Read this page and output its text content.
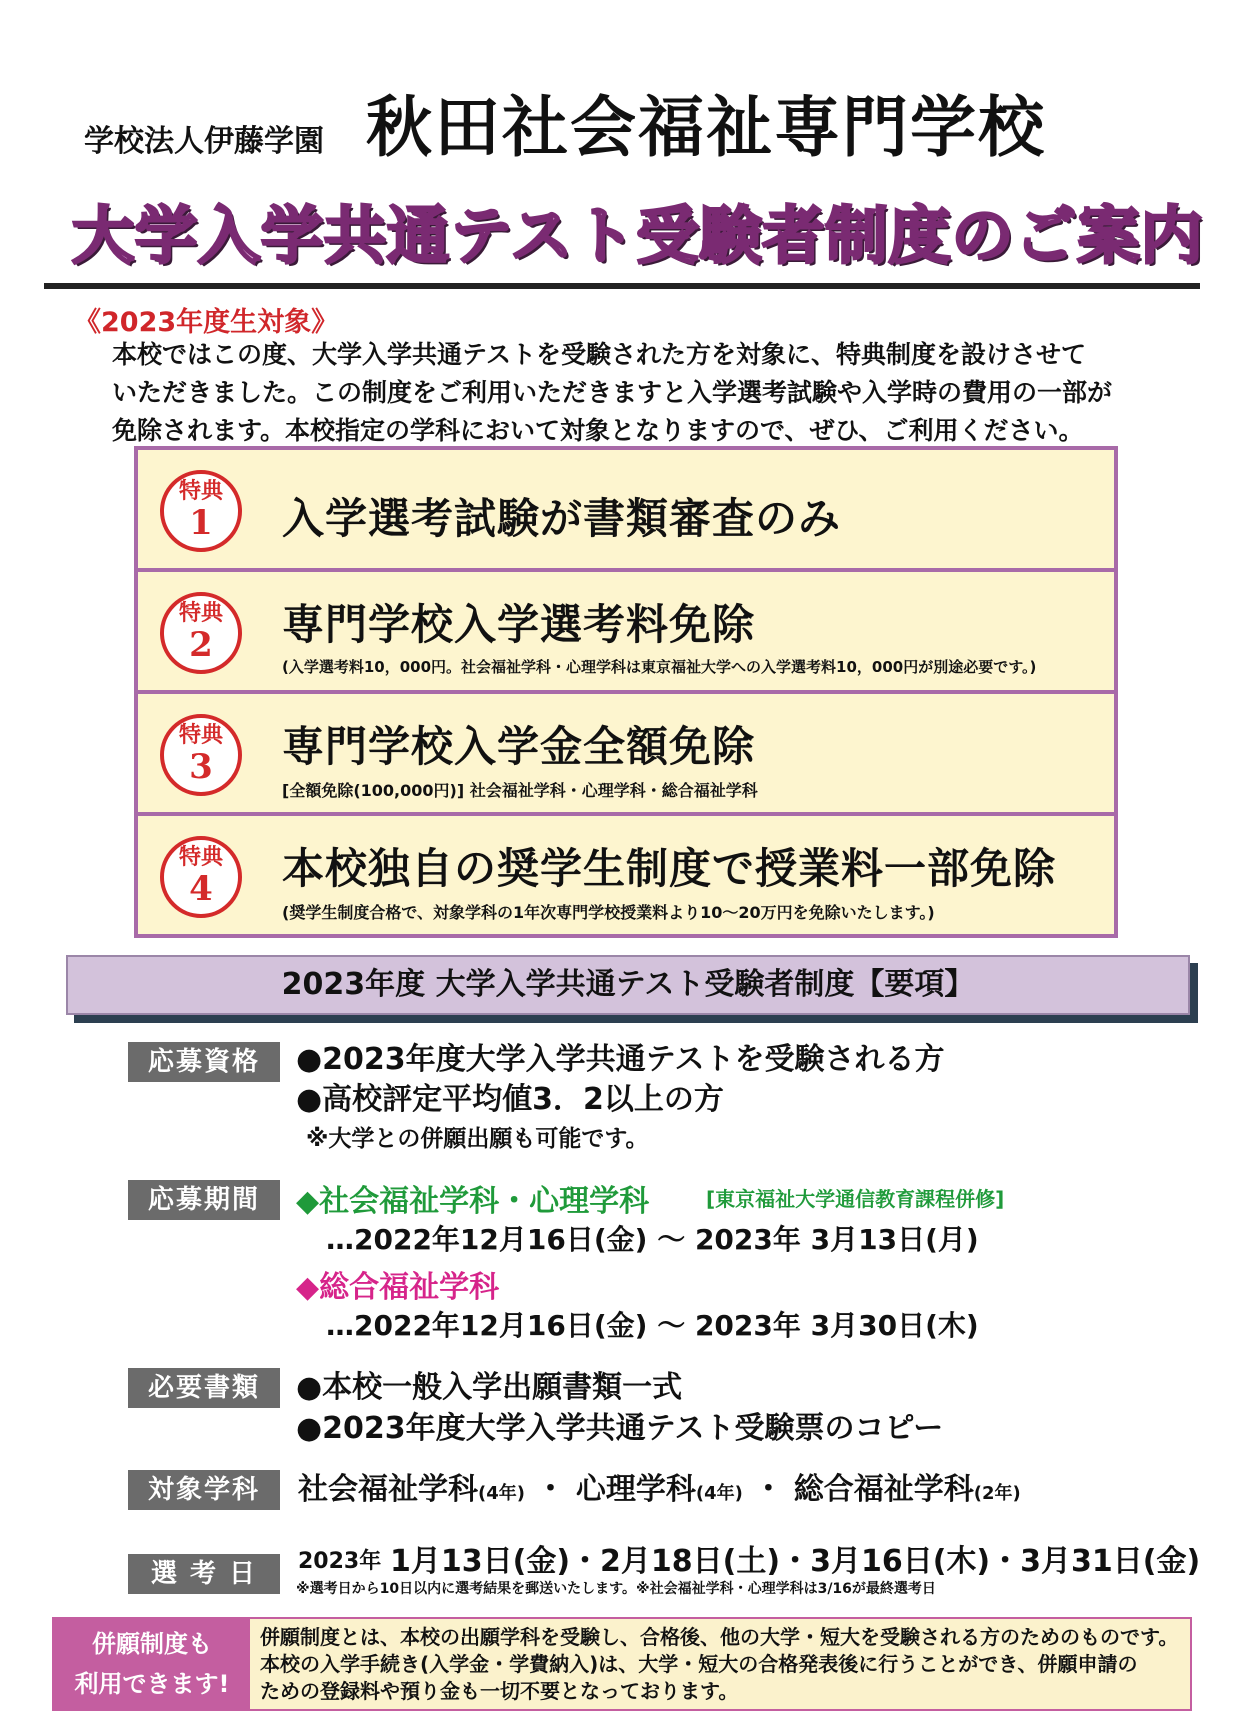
学校法人伊藤学園 秋田社会福祉専門学校
大学入学共通テスト受験者制度のご案内
《2023年度生対象》
本校ではこの度、大学入学共通テストを受験された方を対象に、特典制度を設けさせて
いただきました。この制度をご利用いただきますと入学選考試験や入学時の費用の一部が
免除されます。本校指定の学科において対象となりますので、ぜひ、ご利用ください。
特典
1	入学選考試験が書類審査のみ
特典
2	専門学校入学選考料免除
(入学選考料10，000円。社会福祉学科・心理学科は東京福祉大学への入学選考料10，000円が別途必要です。)
特典
3	専門学校入学金全額免除
[全額免除(100,000円)] 社会福祉学科・心理学科・総合福祉学科
特典
4	本校独自の奨学生制度で授業料一部免除
(奨学生制度合格で、対象学科の1年次専門学校授業料より10〜20万円を免除いたします。)
2023年度 大学入学共通テスト受験者制度【要項】
応募資格	●2023年度大学入学共通テストを受験される方
●高校評定平均値3．2以上の方
※大学との併願出願も可能です。
応募期間	◆社会福祉学科・心理学科	[東京福祉大学通信教育課程併修]
…2022年12月16日(金) 〜 2023年 3月13日(月)
◆総合福祉学科
…2022年12月16日(金) 〜 2023年 3月30日(木)
必要書類	●本校一般入学出願書類一式
●2023年度大学入学共通テスト受験票のコピー
対象学科	社会福祉学科(4年) ・ 心理学科(4年) ・ 総合福祉学科(2年)
選 考 日	2023年 1月13日(金)・2月18日(土)・3月16日(木)・3月31日(金)
※選考日から10日以内に選考結果を郵送いたします。※社会福祉学科・心理学科は3/16が最終選考日
併願制度も
利用できます!
併願制度とは、本校の出願学科を受験し、合格後、他の大学・短大を受験される方のためのものです。
本校の入学手続き(入学金・学費納入)は、大学・短大の合格発表後に行うことができ、併願申請の
ための登録料や預り金も一切不要となっております。
